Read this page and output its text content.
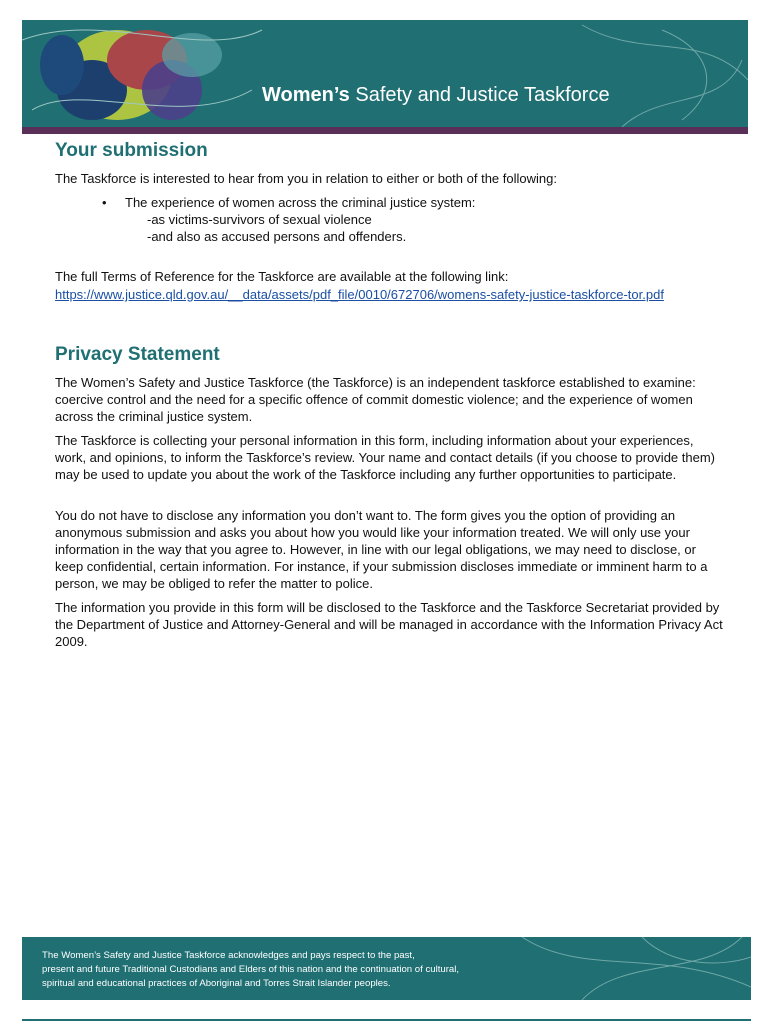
Women’s Safety and Justice Taskforce
Your submission

The Taskforce is interested to hear from you in relation to either or both of the following:

• The experience of women across the criminal justice system:

-as victims-survivors of sexual violence

-and also as accused persons and offenders.

The full Terms of Reference for the Taskforce are available at the following link:

https://www.justice.qld.gov.au/__data/assets/pdf_file/0010/672706/womens-safety-justice-taskforce-tor.pdf
Privacy Statement

The Women’s Safety and Justice Taskforce (the Taskforce) is an independent taskforce established to examine: coercive control and the need for a specific offence of commit domestic violence; and the experience of women across the criminal justice system.

The Taskforce is collecting your personal information in this form, including information about your experiences, work, and opinions, to inform the Taskforce’s review. Your name and contact details (if you choose to provide them) may be used to update you about the work of the Taskforce including any further opportunities to participate.

You do not have to disclose any information you don’t want to. The form gives you the option of providing an anonymous submission and asks you about how you would like your information treated. We will only use your information in the way that you agree to. However, in line with our legal obligations, we may need to disclose, or keep confidential, certain information. For instance, if your submission discloses immediate or imminent harm to a person, we may be obliged to refer the matter to police.

The information you provide in this form will be disclosed to the Taskforce and the Taskforce Secretariat provided by the Department of Justice and Attorney-General and will be managed in accordance with the Information Privacy Act 2009.

The Women’s Safety and Justice Taskforce acknowledges and pays respect to the past,
present and future Traditional Custodians and Elders of this nation and the continuation of cultural,
spiritual and educational practices of Aboriginal and Torres Strait Islander peoples.
